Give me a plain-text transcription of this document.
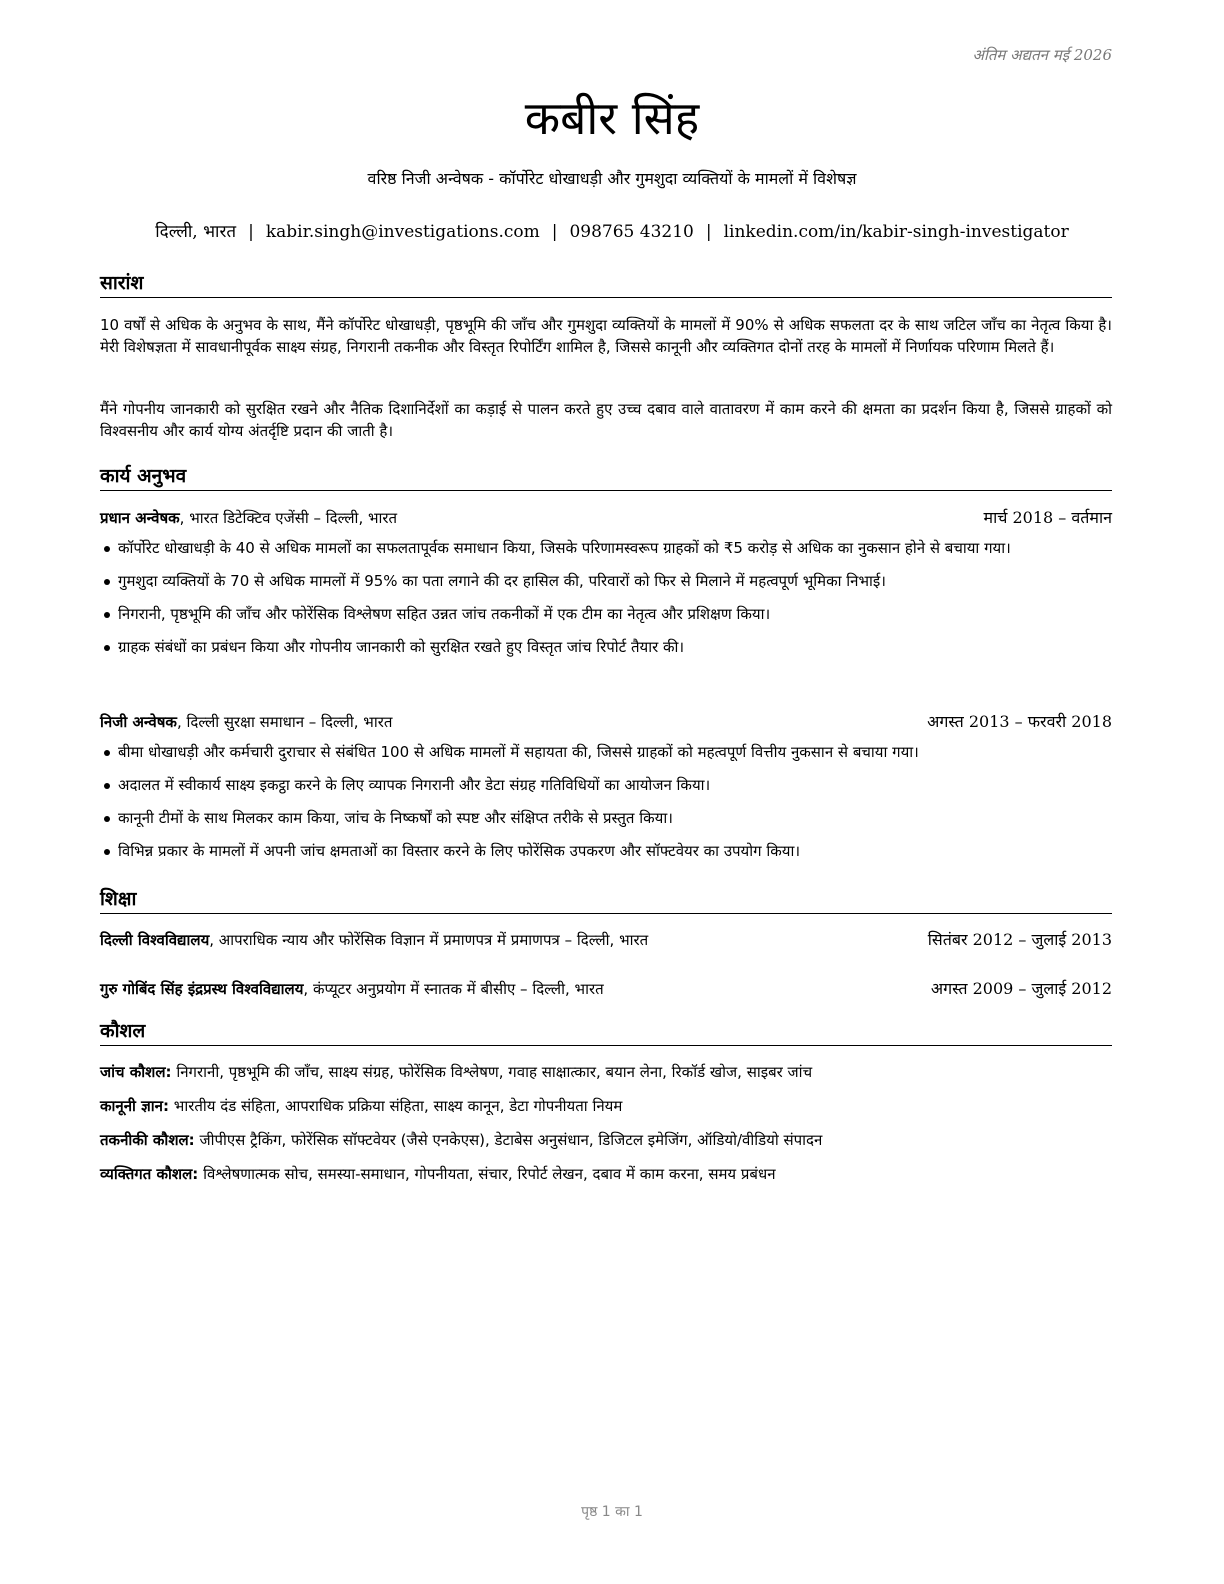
अंतिम अद्यतन मई 2026
कबीर सिंह
वरिष्ठ निजी अन्वेषक - कॉर्पोरेट धोखाधड़ी और गुमशुदा व्यक्तियों के मामलों में विशेषज्ञ
दिल्ली, भारत | kabir.singh@investigations.com | 098765 43210 | linkedin.com/in/kabir-singh-investigator
सारांश
10 वर्षों से अधिक के अनुभव के साथ, मैंने कॉर्पोरेट धोखाधड़ी, पृष्ठभूमि की जाँच और गुमशुदा व्यक्तियों के मामलों में 90% से अधिक सफलता दर के साथ जटिल जाँच का नेतृत्व किया है। मेरी विशेषज्ञता में सावधानीपूर्वक साक्ष्य संग्रह, निगरानी तकनीक और विस्तृत रिपोर्टिंग शामिल है, जिससे कानूनी और व्यक्तिगत दोनों तरह के मामलों में निर्णायक परिणाम मिलते हैं।
मैंने गोपनीय जानकारी को सुरक्षित रखने और नैतिक दिशानिर्देशों का कड़ाई से पालन करते हुए उच्च दबाव वाले वातावरण में काम करने की क्षमता का प्रदर्शन किया है, जिससे ग्राहकों को विश्वसनीय और कार्य योग्य अंतर्दृष्टि प्रदान की जाती है।
कार्य अनुभव
प्रधान अन्वेषक, भारत डिटेक्टिव एजेंसी – दिल्ली, भारत	मार्च 2018 – वर्तमान
कॉर्पोरेट धोखाधड़ी के 40 से अधिक मामलों का सफलतापूर्वक समाधान किया, जिसके परिणामस्वरूप ग्राहकों को ₹5 करोड़ से अधिक का नुकसान होने से बचाया गया।
गुमशुदा व्यक्तियों के 70 से अधिक मामलों में 95% का पता लगाने की दर हासिल की, परिवारों को फिर से मिलाने में महत्वपूर्ण भूमिका निभाई।
निगरानी, पृष्ठभूमि की जाँच और फोरेंसिक विश्लेषण सहित उन्नत जांच तकनीकों में एक टीम का नेतृत्व और प्रशिक्षण किया।
ग्राहक संबंधों का प्रबंधन किया और गोपनीय जानकारी को सुरक्षित रखते हुए विस्तृत जांच रिपोर्ट तैयार की।
निजी अन्वेषक, दिल्ली सुरक्षा समाधान – दिल्ली, भारत	अगस्त 2013 – फरवरी 2018
बीमा धोखाधड़ी और कर्मचारी दुराचार से संबंधित 100 से अधिक मामलों में सहायता की, जिससे ग्राहकों को महत्वपूर्ण वित्तीय नुकसान से बचाया गया।
अदालत में स्वीकार्य साक्ष्य इकट्ठा करने के लिए व्यापक निगरानी और डेटा संग्रह गतिविधियों का आयोजन किया।
कानूनी टीमों के साथ मिलकर काम किया, जांच के निष्कर्षों को स्पष्ट और संक्षिप्त तरीके से प्रस्तुत किया।
विभिन्न प्रकार के मामलों में अपनी जांच क्षमताओं का विस्तार करने के लिए फोरेंसिक उपकरण और सॉफ्टवेयर का उपयोग किया।
शिक्षा
दिल्ली विश्वविद्यालय, आपराधिक न्याय और फोरेंसिक विज्ञान में प्रमाणपत्र में प्रमाणपत्र – दिल्ली, भारत	सितंबर 2012 – जुलाई 2013
गुरु गोबिंद सिंह इंद्रप्रस्थ विश्वविद्यालय, कंप्यूटर अनुप्रयोग में स्नातक में बीसीए – दिल्ली, भारत	अगस्त 2009 – जुलाई 2012
कौशल
जांच कौशल: निगरानी, पृष्ठभूमि की जाँच, साक्ष्य संग्रह, फोरेंसिक विश्लेषण, गवाह साक्षात्कार, बयान लेना, रिकॉर्ड खोज, साइबर जांच
कानूनी ज्ञान: भारतीय दंड संहिता, आपराधिक प्रक्रिया संहिता, साक्ष्य कानून, डेटा गोपनीयता नियम
तकनीकी कौशल: जीपीएस ट्रैकिंग, फोरेंसिक सॉफ्टवेयर (जैसे एनकेएस), डेटाबेस अनुसंधान, डिजिटल इमेजिंग, ऑडियो/वीडियो संपादन
व्यक्तिगत कौशल: विश्लेषणात्मक सोच, समस्या-समाधान, गोपनीयता, संचार, रिपोर्ट लेखन, दबाव में काम करना, समय प्रबंधन
पृष्ठ 1 का 1
